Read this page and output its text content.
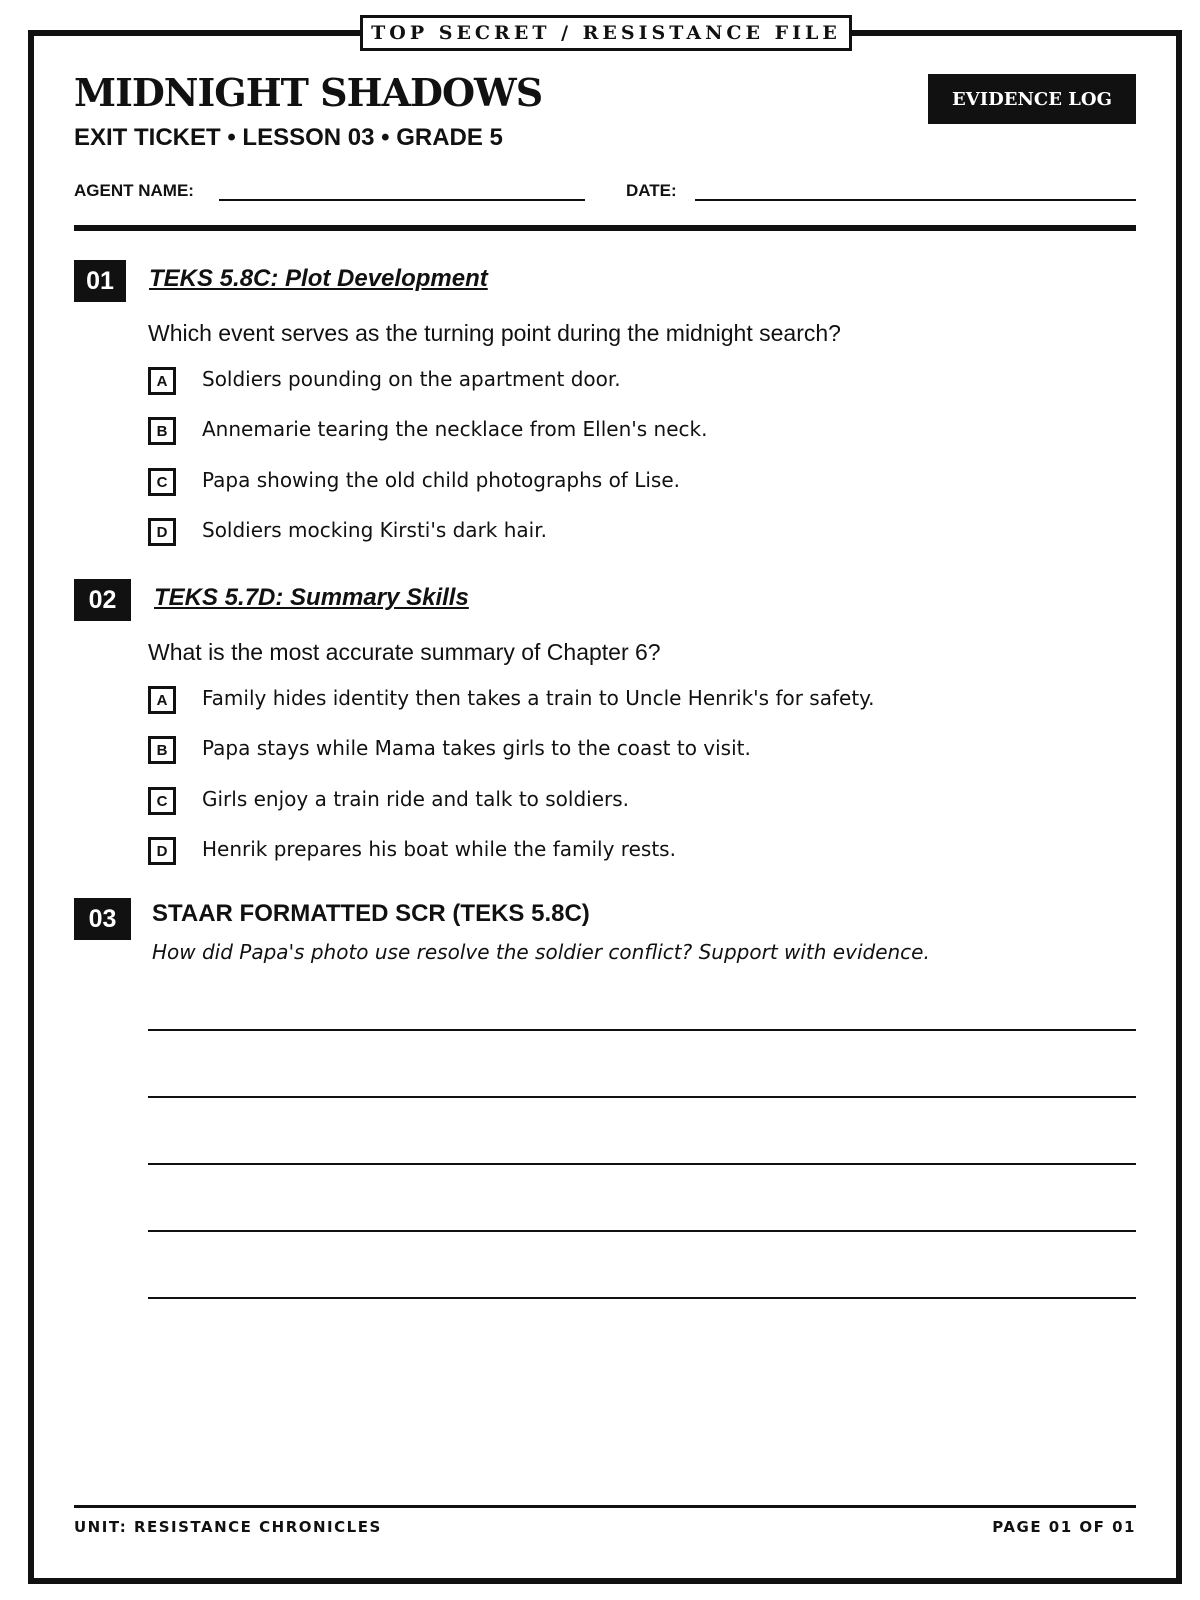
TOP SECRET / RESISTANCE FILE
MIDNIGHT SHADOWS
EXIT TICKET • LESSON 03 • GRADE 5
EVIDENCE LOG
AGENT NAME:	DATE:
01	TEKS 5.8C: Plot Development
Which event serves as the turning point during the midnight search?
A	Soldiers pounding on the apartment door.
B	Annemarie tearing the necklace from Ellen's neck.
C	Papa showing the old child photographs of Lise.
D	Soldiers mocking Kirsti's dark hair.
02	TEKS 5.7D: Summary Skills
What is the most accurate summary of Chapter 6?
A	Family hides identity then takes a train to Uncle Henrik's for safety.
B	Papa stays while Mama takes girls to the coast to visit.
C	Girls enjoy a train ride and talk to soldiers.
D	Henrik prepares his boat while the family rests.
03	STAAR FORMATTED SCR (TEKS 5.8C)
How did Papa's photo use resolve the soldier conflict? Support with evidence.
UNIT: RESISTANCE CHRONICLES	PAGE 01 OF 01
